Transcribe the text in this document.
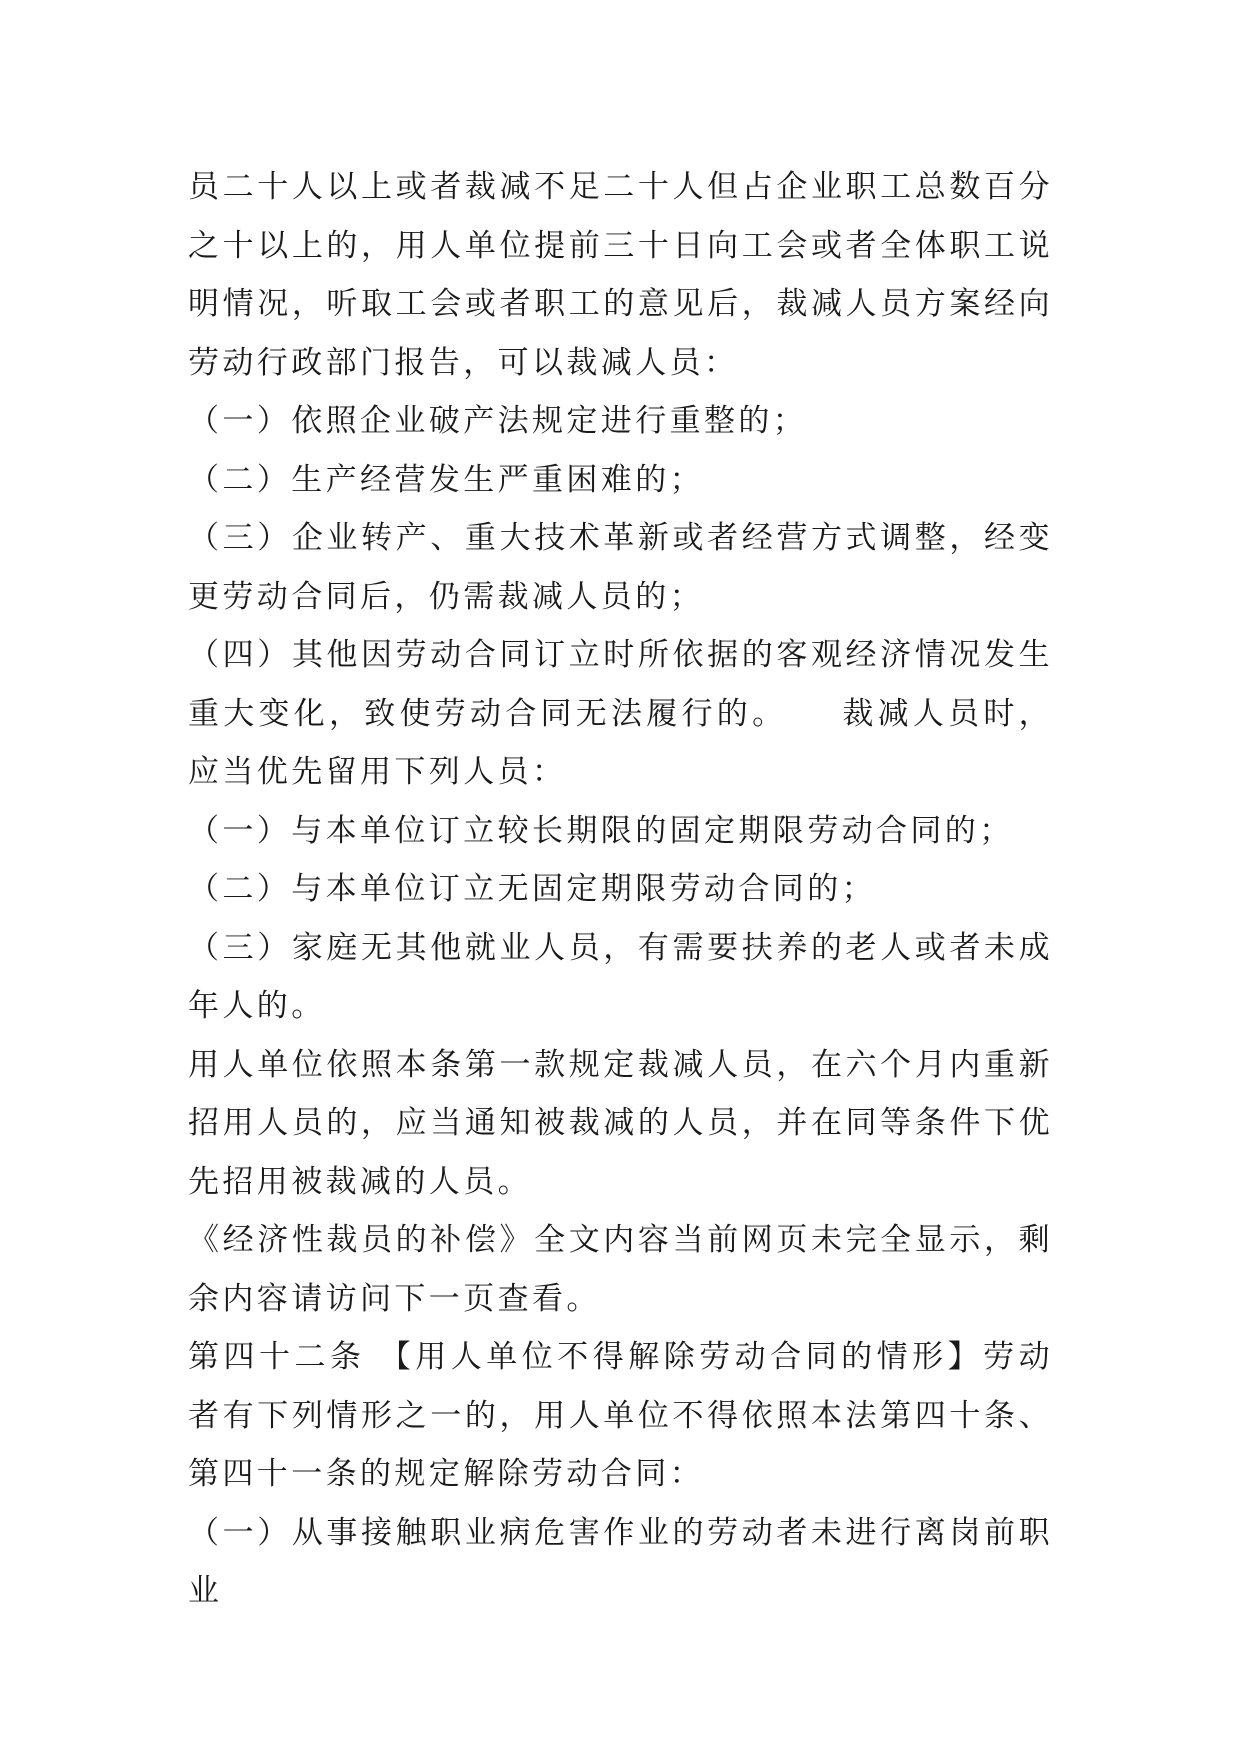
员二十人以上或者裁减不足二十人但占企业职工总数百分之十以上的，用人单位提前三十日向工会或者全体职工说明情况，听取工会或者职工的意见后，裁减人员方案经向劳动行政部门报告，可以裁减人员：

（一）依照企业破产法规定进行重整的；

（二）生产经营发生严重困难的；

（三）企业转产、重大技术革新或者经营方式调整，经变更劳动合同后，仍需裁减人员的；

（四）其他因劳动合同订立时所依据的客观经济情况发生重大变化，致使劳动合同无法履行的。　　裁减人员时，应当优先留用下列人员：

（一）与本单位订立较长期限的固定期限劳动合同的；

（二）与本单位订立无固定期限劳动合同的；

（三）家庭无其他就业人员，有需要扶养的老人或者未成年人的。

用人单位依照本条第一款规定裁减人员，在六个月内重新招用人员的，应当通知被裁减的人员，并在同等条件下优先招用被裁减的人员。

《经济性裁员的补偿》全文内容当前网页未完全显示，剩余内容请访问下一页查看。

第四十二条 【用人单位不得解除劳动合同的情形】劳动者有下列情形之一的，用人单位不得依照本法第四十条、第四十一条的规定解除劳动合同：

（一）从事接触职业病危害作业的劳动者未进行离岗前职业
